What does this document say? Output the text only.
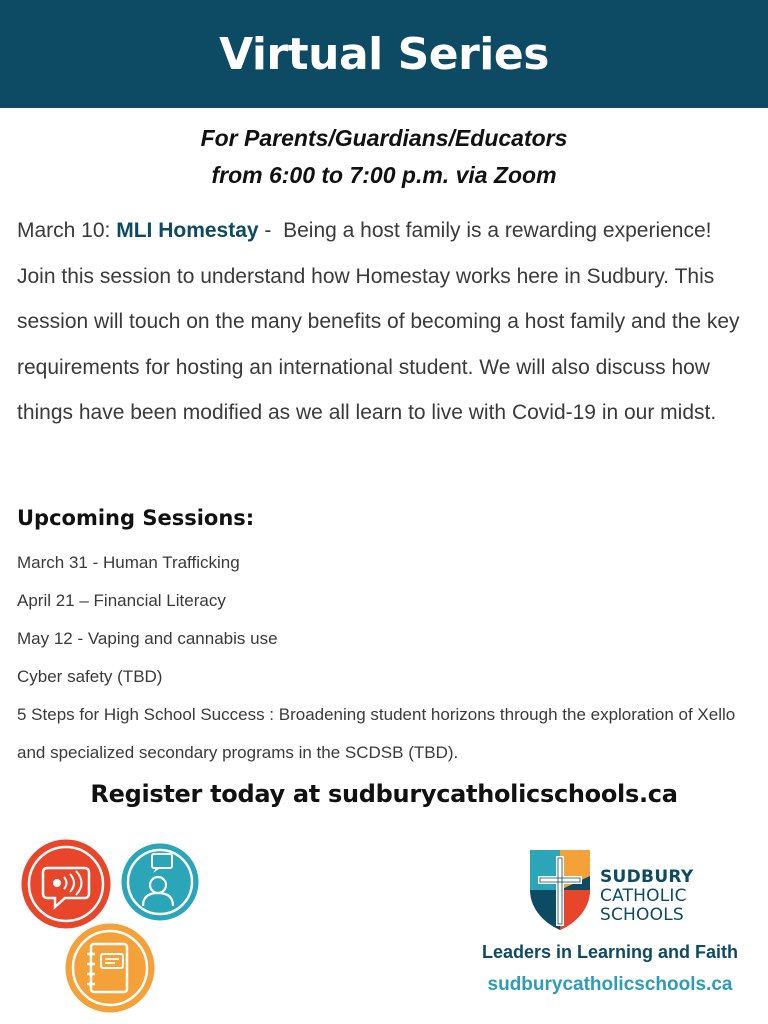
Virtual Series
For Parents/Guardians/Educators
from 6:00 to 7:00 p.m. via Zoom
March 10: MLI Homestay -  Being a host family is a rewarding experience! Join this session to understand how Homestay works here in Sudbury. This session will touch on the many benefits of becoming a host family and the key requirements for hosting an international student. We will also discuss how things have been modified as we all learn to live with Covid-19 in our midst.
Upcoming Sessions:
March 31 - Human Trafficking
April 21 – Financial Literacy
May 12 - Vaping and cannabis use
Cyber safety (TBD)
5 Steps for High School Success : Broadening student horizons through the exploration of Xello and specialized secondary programs in the SCDSB (TBD).
Register today at sudburycatholicschools.ca
SUDBURY
CATHOLIC
SCHOOLS
Leaders in Learning and Faith
sudburycatholicschools.ca
